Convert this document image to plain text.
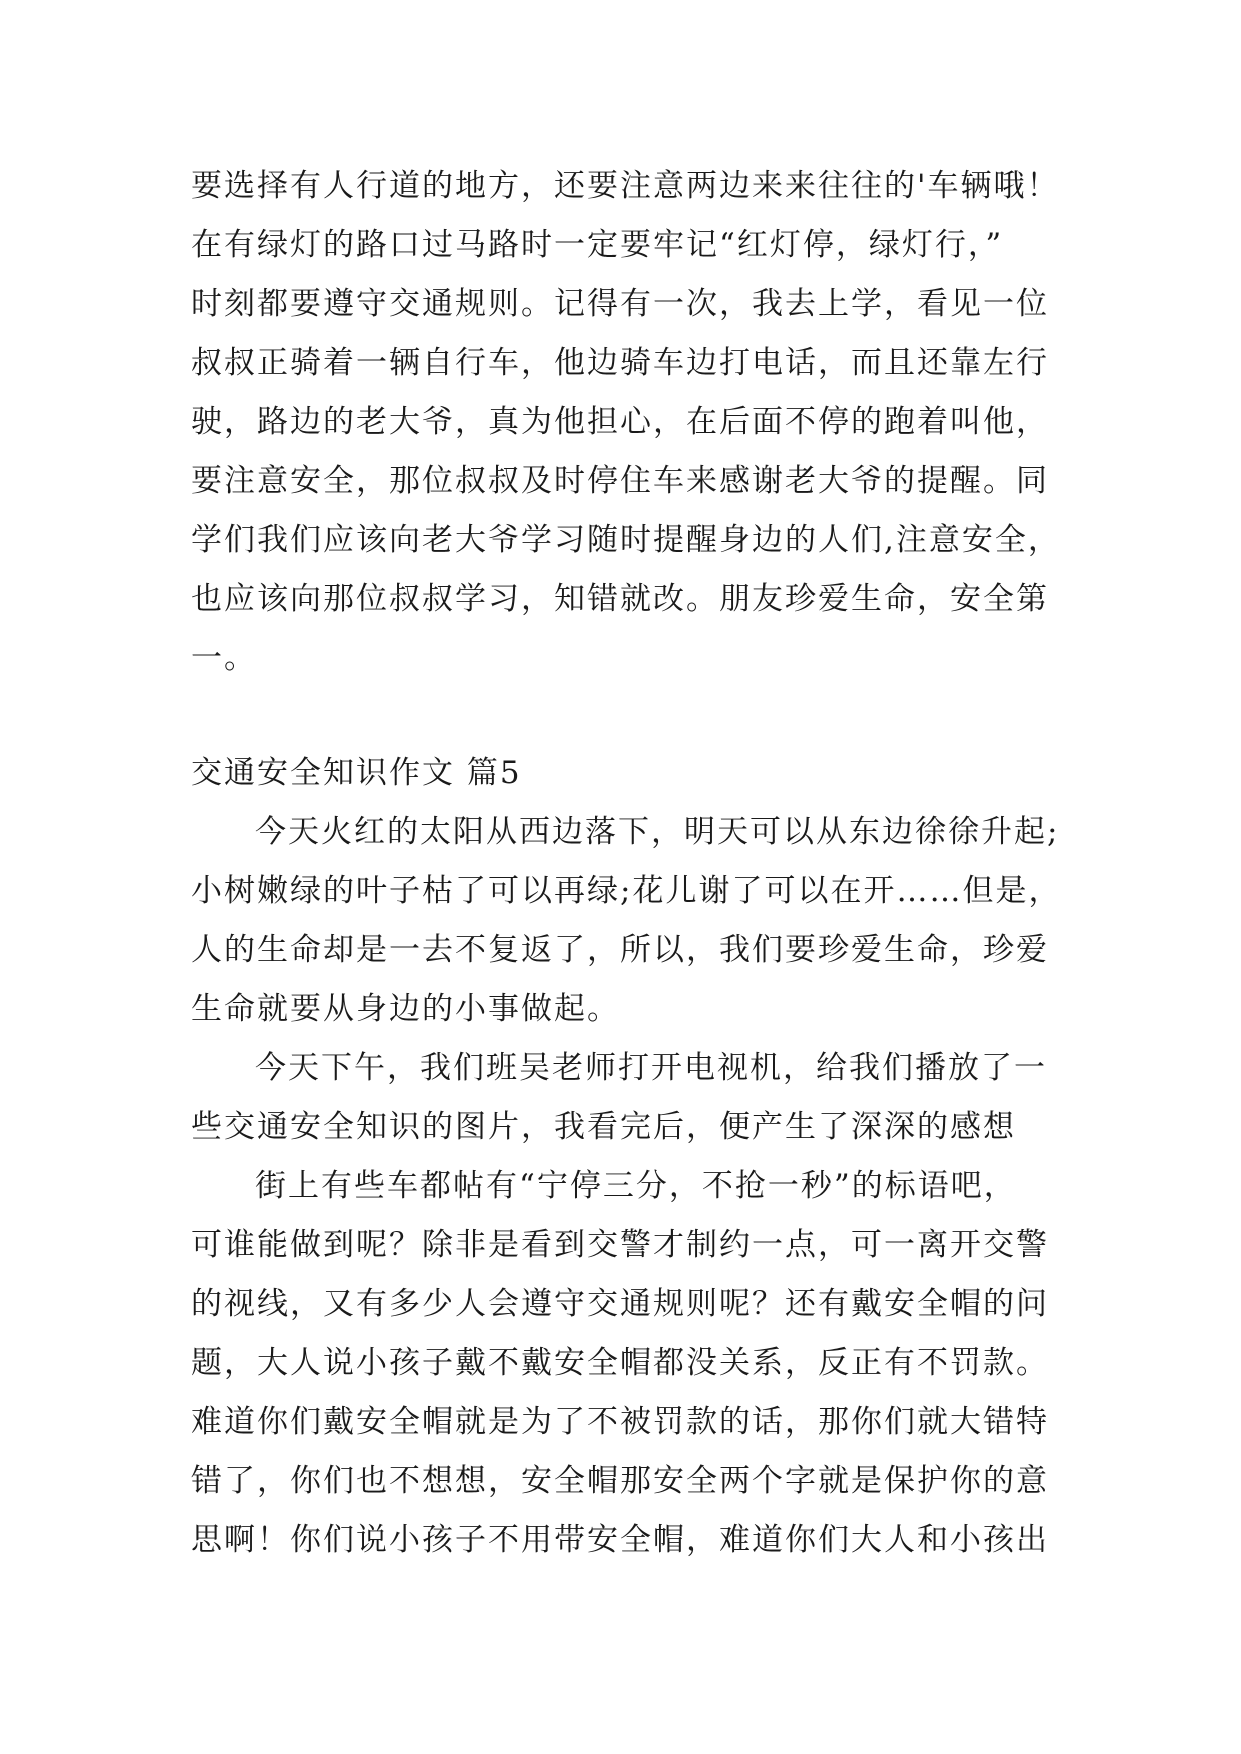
要选择有人行道的地方，还要注意两边来来往往的'车辆哦！
在有绿灯的路口过马路时一定要牢记“红灯停，绿灯行，”
时刻都要遵守交通规则。记得有一次，我去上学，看见一位
叔叔正骑着一辆自行车，他边骑车边打电话，而且还靠左行
驶，路边的老大爷，真为他担心，在后面不停的跑着叫他，
要注意安全，那位叔叔及时停住车来感谢老大爷的提醒。同
学们我们应该向老大爷学习随时提醒身边的人们,注意安全，
也应该向那位叔叔学习，知错就改。朋友珍爱生命，安全第
一。
交通安全知识作文 篇5
今天火红的太阳从西边落下，明天可以从东边徐徐升起;
小树嫩绿的叶子枯了可以再绿;花儿谢了可以在开……但是，
人的生命却是一去不复返了，所以，我们要珍爱生命，珍爱
生命就要从身边的小事做起。
今天下午，我们班吴老师打开电视机，给我们播放了一
些交通安全知识的图片，我看完后，便产生了深深的感想
街上有些车都帖有“宁停三分，不抢一秒”的标语吧，
可谁能做到呢？除非是看到交警才制约一点，可一离开交警
的视线，又有多少人会遵守交通规则呢？还有戴安全帽的问
题，大人说小孩子戴不戴安全帽都没关系，反正有不罚款。
难道你们戴安全帽就是为了不被罚款的话，那你们就大错特
错了，你们也不想想，安全帽那安全两个字就是保护你的意
思啊！你们说小孩子不用带安全帽，难道你们大人和小孩出
